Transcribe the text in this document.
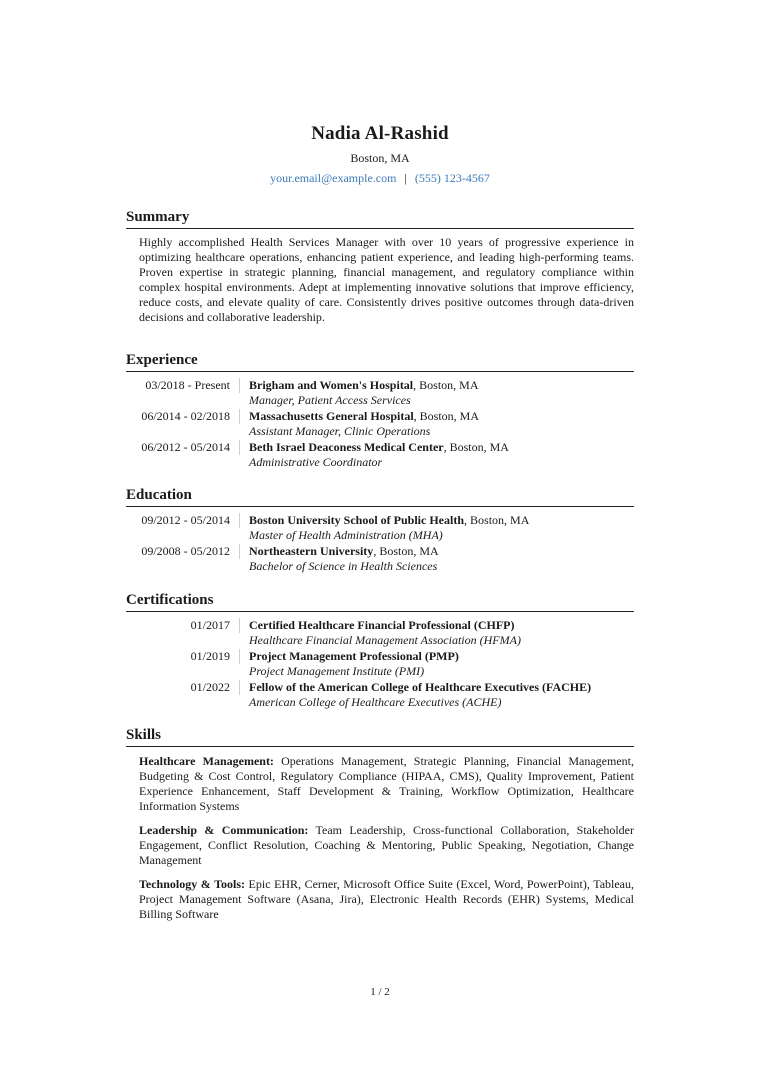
Nadia Al-Rashid
Boston, MA
your.email@example.com | (555) 123-4567
Summary
Highly accomplished Health Services Manager with over 10 years of progressive experience in optimizing healthcare operations, enhancing patient experience, and leading high-performing teams. Proven expertise in strategic planning, financial management, and regulatory compliance within complex hospital environments. Adept at implementing innovative solutions that improve efficiency, reduce costs, and elevate quality of care. Consistently drives positive outcomes through data-driven decisions and collaborative leadership.
Experience
03/2018 - Present	Brigham and Women's Hospital, Boston, MA
Manager, Patient Access Services
06/2014 - 02/2018	Massachusetts General Hospital, Boston, MA
Assistant Manager, Clinic Operations
06/2012 - 05/2014	Beth Israel Deaconess Medical Center, Boston, MA
Administrative Coordinator
Education
09/2012 - 05/2014	Boston University School of Public Health, Boston, MA
Master of Health Administration (MHA)
09/2008 - 05/2012	Northeastern University, Boston, MA
Bachelor of Science in Health Sciences
Certifications
01/2017	Certified Healthcare Financial Professional (CHFP)
Healthcare Financial Management Association (HFMA)
01/2019	Project Management Professional (PMP)
Project Management Institute (PMI)
01/2022	Fellow of the American College of Healthcare Executives (FACHE)
American College of Healthcare Executives (ACHE)
Skills
Healthcare Management: Operations Management, Strategic Planning, Financial Management, Budgeting & Cost Control, Regulatory Compliance (HIPAA, CMS), Quality Improvement, Patient Experience Enhancement, Staff Development & Training, Workflow Optimization, Healthcare Information Systems
Leadership & Communication: Team Leadership, Cross-functional Collaboration, Stakeholder Engagement, Conflict Resolution, Coaching & Mentoring, Public Speaking, Negotiation, Change Management
Technology & Tools: Epic EHR, Cerner, Microsoft Office Suite (Excel, Word, PowerPoint), Tableau, Project Management Software (Asana, Jira), Electronic Health Records (EHR) Systems, Medical Billing Software
1 / 2
